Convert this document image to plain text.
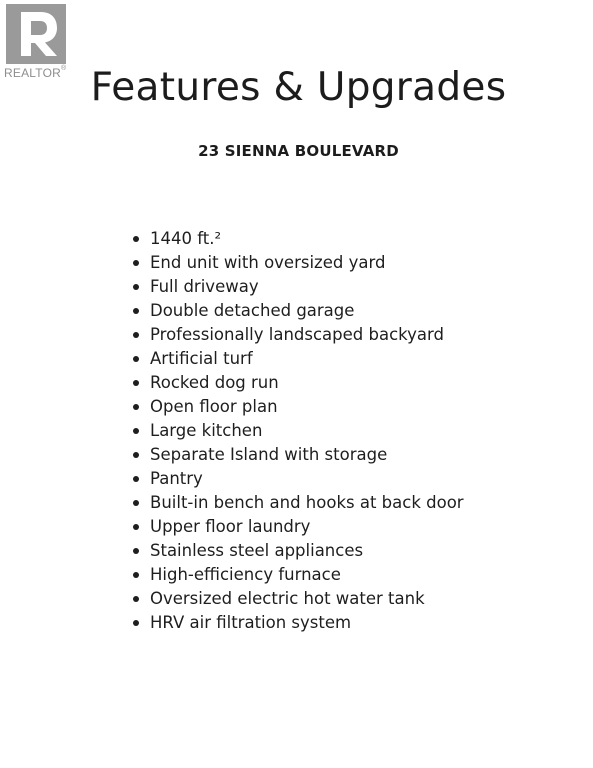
REALTOR® Features & Upgrades
23 SIENNA BOULEVARD
1440 ft.²
End unit with oversized yard
Full driveway
Double detached garage
Professionally landscaped backyard
Artificial turf
Rocked dog run
Open floor plan
Large kitchen
Separate Island with storage
Pantry
Built-in bench and hooks at back door
Upper floor laundry
Stainless steel appliances
High-efficiency furnace
Oversized electric hot water tank
HRV air filtration system
